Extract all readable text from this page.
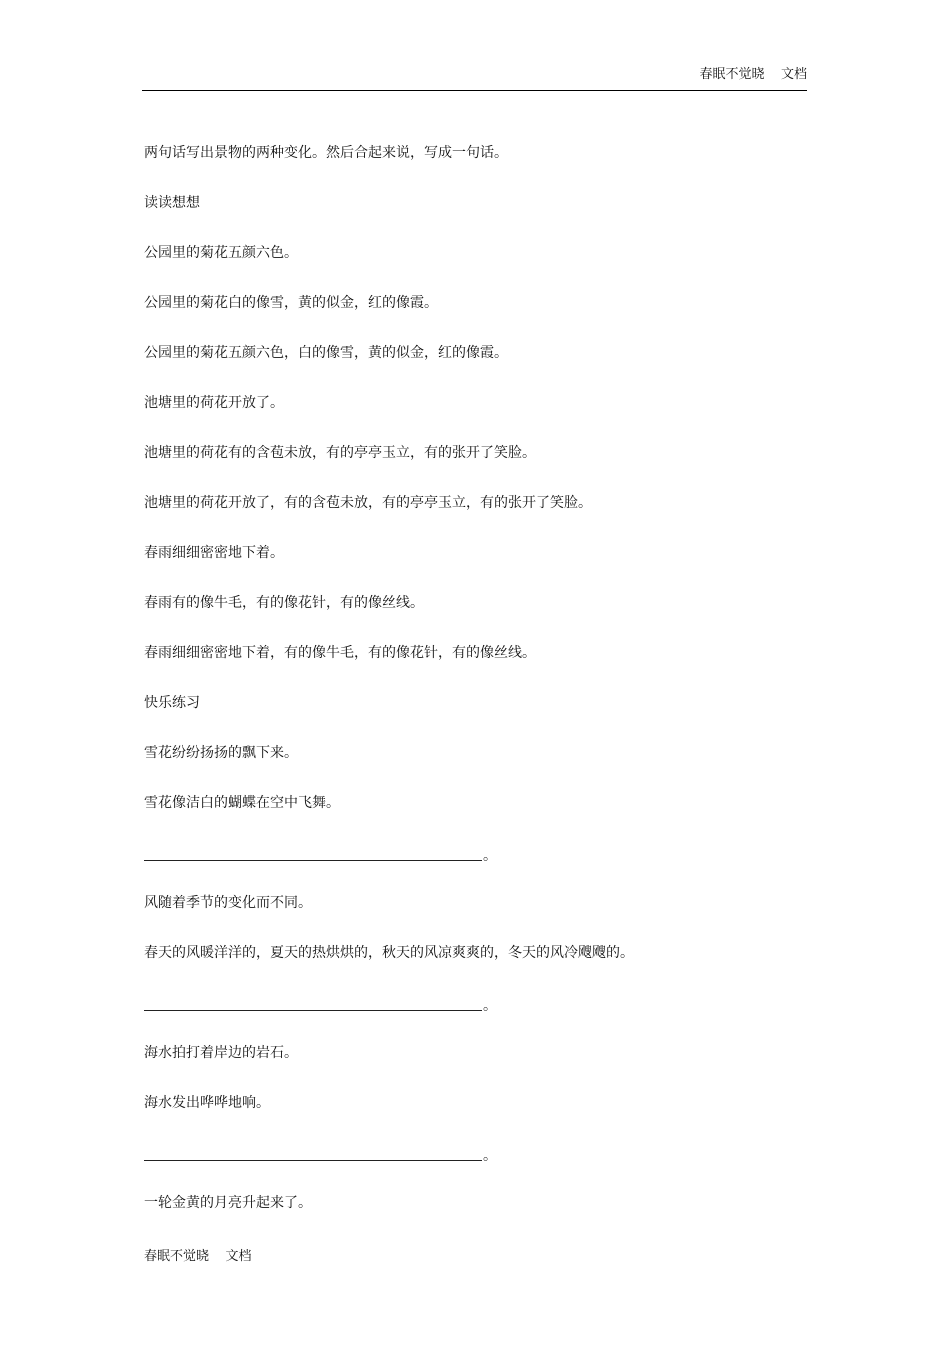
春眠不觉晓    文档
两句话写出景物的两种变化。然后合起来说，写成一句话。
读读想想
公园里的菊花五颜六色。
公园里的菊花白的像雪，黄的似金，红的像霞。
公园里的菊花五颜六色，白的像雪，黄的似金，红的像霞。
池塘里的荷花开放了。
池塘里的荷花有的含苞未放，有的亭亭玉立，有的张开了笑脸。
池塘里的荷花开放了，有的含苞未放，有的亭亭玉立，有的张开了笑脸。
春雨细细密密地下着。
春雨有的像牛毛，有的像花针，有的像丝线。
春雨细细密密地下着，有的像牛毛，有的像花针，有的像丝线。
快乐练习
雪花纷纷扬扬的飘下来。
雪花像洁白的蝴蝶在空中飞舞。
。
风随着季节的变化而不同。
春天的风暖洋洋的，夏天的热烘烘的，秋天的风凉爽爽的，冬天的风冷飕飕的。
。
海水拍打着岸边的岩石。
海水发出哗哗地响。
。
一轮金黄的月亮升起来了。
春眠不觉晓    文档
